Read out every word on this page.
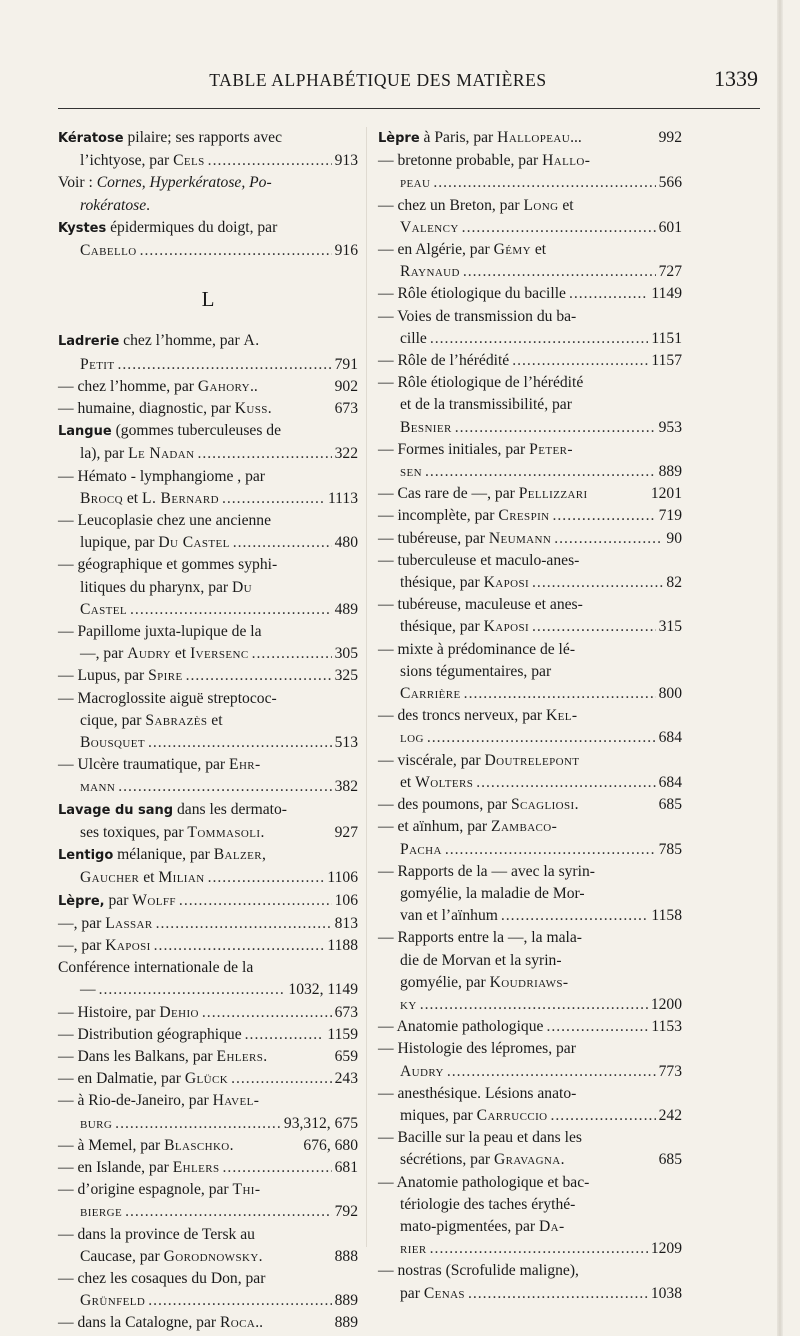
TABLE ALPHABÉTIQUE DES MATIÈRES	1339
Kératose pilaire; ses rapports avec
l’ichtyose, par Cels .....	913
Voir : Cornes, Hyperkératose, Po-
rokératose.
Kystes épidermiques du doigt, par
Cabello .....	916
L
Ladrerie chez l’homme, par A.
Petit .....	791
— chez l’homme, par Gahory..	902
— humaine, diagnostic, par Kuss.	673
Langue (gommes tuberculeuses de
la), par Le Nadan .....	322
— Hémato - lymphangiome , par
Brocq et L. Bernard .....	1113
— Leucoplasie chez une ancienne
lupique, par Du Castel .....	480
— géographique et gommes syphi-
litiques du pharynx, par Du
Castel .....	489
— Papillome juxta-lupique de la
—, par Audry et Iversenc .....	305
— Lupus, par Spire .....	325
— Macroglossite aiguë streptococ-
cique, par Sabrazès et
Bousquet .....	513
— Ulcère traumatique, par Ehr-
mann .....	382
Lavage du sang dans les dermato-
ses toxiques, par Tommasoli.	927
Lentigo mélanique, par Balzer,
Gaucher et Milian .....	1106
Lèpre, par Wolff .....	106
—, par Lassar .....	813
—, par Kaposi .....	1188
Conférence internationale de la
— .....	1032, 1149
— Histoire, par Dehio .....	673
— Distribution géographique .....	1159
— Dans les Balkans, par Ehlers.	659
— en Dalmatie, par Glück .....	243
— à Rio-de-Janeiro, par Havel-
burg .....	93,312, 675
— à Memel, par Blaschko.	676, 680
— en Islande, par Ehlers .....	681
— d’origine espagnole, par Thi-
bierge .....	792
— dans la province de Tersk au
Caucase, par Gorodnowsky.	888
— chez les cosaques du Don, par
Grünfeld .....	889
— dans la Catalogne, par Roca..	889
Lèpre à Paris, par Hallopeau...	992
— bretonne probable, par Hallo-
peau .....	566
— chez un Breton, par Long et
Valency .....	601
— en Algérie, par Gémy et
Raynaud .....	727
— Rôle étiologique du bacille .....	1149
— Voies de transmission du ba-
cille .....	1151
— Rôle de l’hérédité .....	1157
— Rôle étiologique de l’hérédité
et de la transmissibilité, par
Besnier .....	953
— Formes initiales, par Peter-
sen .....	889
— Cas rare de —, par Pellizzari	1201
— incomplète, par Crespin .....	719
— tubéreuse, par Neumann .....	90
— tuberculeuse et maculo-anes-
thésique, par Kaposi .....	82
— tubéreuse, maculeuse et anes-
thésique, par Kaposi .....	315
— mixte à prédominance de lé-
sions tégumentaires, par
Carrière .....	800
— des troncs nerveux, par Kel-
log .....	684
— viscérale, par Doutrelepont
et Wolters .....	684
— des poumons, par Scagliosi.	685
— et aïnhum, par Zambaco-
Pacha .....	785
— Rapports de la — avec la syrin-
gomyélie, la maladie de Mor-
van et l’aïnhum .....	1158
— Rapports entre la —, la mala-
die de Morvan et la syrin-
gomyélie, par Koudriaws-
ky .....	1200
— Anatomie pathologique .....	1153
— Histologie des lépromes, par
Audry .....	773
— anesthésique. Lésions anato-
miques, par Carruccio .....	242
— Bacille sur la peau et dans les
sécrétions, par Gravagna.	685
— Anatomie pathologique et bac-
tériologie des taches érythé-
mato-pigmentées, par Da-
rier .....	1209
— nostras (Scrofulide maligne),
par Cenas .....	1038
